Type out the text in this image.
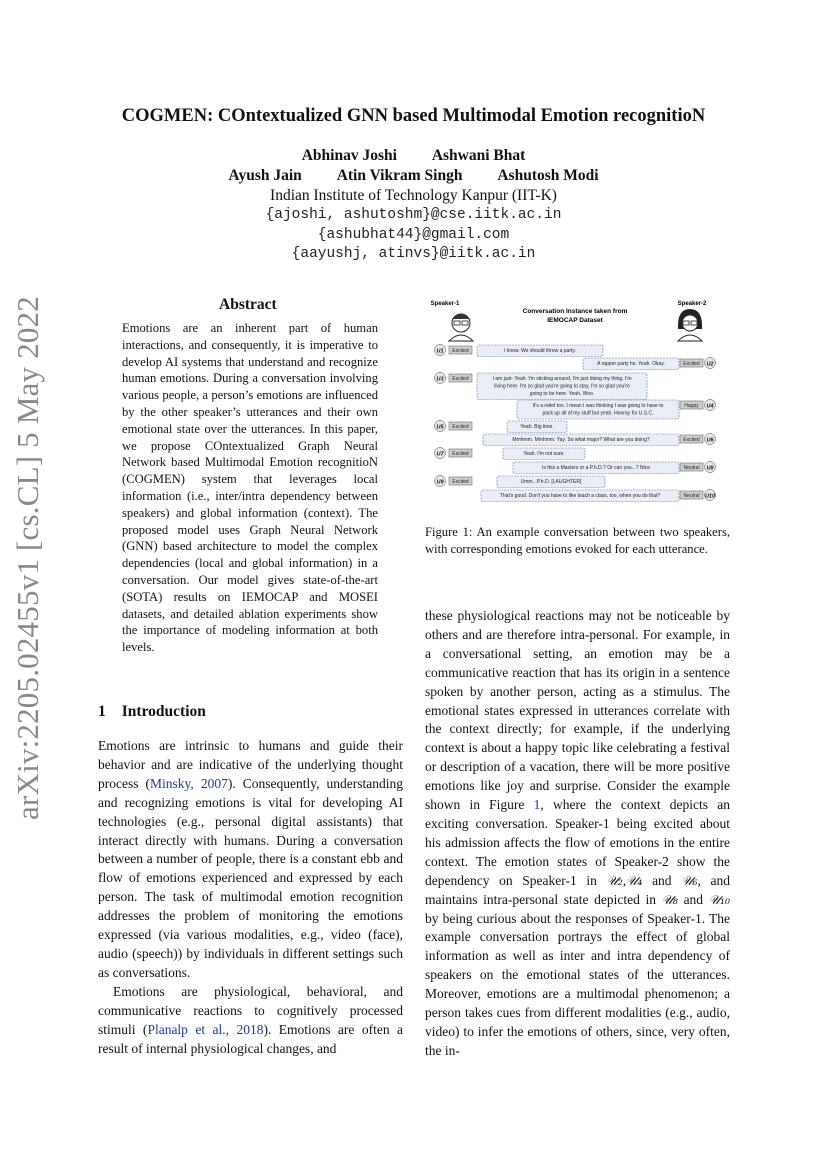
COGMEN: COntextualized GNN based Multimodal Emotion recognitioN
Abhinav Joshi Ashwani Bhat
Ayush Jain Atin Vikram Singh Ashutosh Modi
Indian Institute of Technology Kanpur (IIT-K)
{ajoshi, ashutoshm}@cse.iitk.ac.in
{ashubhat44}@gmail.com
{aayushj, atinvs}@iitk.ac.in
arXiv:2205.02455v1 [cs.CL] 5 May 2022	Abstract
Emotions are an inherent part of human interactions, and consequently, it is imperative to develop AI systems that understand and recognize human emotions. During a conversation involving various people, a person’s emotions are influenced by the other speaker’s utterances and their own emotional state over the utterances. In this paper, we propose COntextualized Graph Neural Network based Multimodal Emotion recognitioN (COGMEN) system that leverages local information (i.e., inter/intra dependency between speakers) and global information (context). The proposed model uses Graph Neural Network (GNN) based architecture to model the complex dependencies (local and global information) in a conversation. Our model gives state-of-the-art (SOTA) results on IEMOCAP and MOSEI datasets, and detailed ablation experiments show the importance of modeling information at both levels.
1 Introduction

Emotions are intrinsic to humans and guide their behavior and are indicative of the underlying thought process (Minsky, 2007). Consequently, understanding and recognizing emotions is vital for developing AI technologies (e.g., personal digital assistants) that interact directly with humans. During a conversation between a number of people, there is a constant ebb and flow of emotions experienced and expressed by each person. The task of multimodal emotion recognition addresses the problem of monitoring the emotions expressed (via various modalities, e.g., video (face), audio (speech)) by individuals in different settings such as conversations.

Emotions are physiological, behavioral, and communicative reactions to cognitively processed stimuli (Planalp et al., 2018). Emotions are often a result of internal physiological changes, and

Speaker-1	Speaker-2
Conversation Instance taken from
IEMOCAP Dataset
I know. We should throw a party.
Excited
U1
A rapper party ho. Yeah. Okay.	Excited U2
I am just- Yeah. I'm sticking around, I'm just doing my thing. I'm
living here. I'm so glad you're going to stay, I'm so glad you're
going to be here. Yeah. Woo.
Excited
U3
It's a relief too. I mean I was thinking I was going to have to
pack up all of my stuff but yeah. Hooray for U.S.C.
Happy U4
Yeah. Big time.
Excited
U5
Mmhmm. Mmhmm. Yay. So what major? What are you doing?	Excited U6
Yeah. I'm not sure.
Excited
U7
Is this a Masters or a P.h.D.? Or can you...? Nice	Neutral U8
Umm...P.h.D. [LAUGHTER]
Excited
U9
That's good. Don't you have to like teach a class, too, when you do that?	Neutral U10
Figure 1: An example conversation between two speakers, with corresponding emotions evoked for each utterance.

these physiological reactions may not be noticeable by others and are therefore intra-personal. For example, in a conversational setting, an emotion may be a communicative reaction that has its origin in a sentence spoken by another person, acting as a stimulus. The emotional states expressed in utterances correlate with the context directly; for example, if the underlying context is about a happy topic like celebrating a festival or description of a vacation, there will be more positive emotions like joy and surprise. Consider the example shown in Figure 1, where the context depicts an exciting conversation. Speaker-1 being excited about his admission affects the flow of emotions in the entire context. The emotion states of Speaker-2 show the dependency on Speaker-1 in 𝒰₂,𝒰₄ and 𝒰₆, and maintains intra-personal state depicted in 𝒰₈ and 𝒰₁₀ by being curious about the responses of Speaker-1. The example conversation portrays the effect of global information as well as inter and intra dependency of speakers on the emotional states of the utterances. Moreover, emotions are a multimodal phenomenon; a person takes cues from different modalities (e.g., audio, video) to infer the emotions of others, since, very often, the in-
